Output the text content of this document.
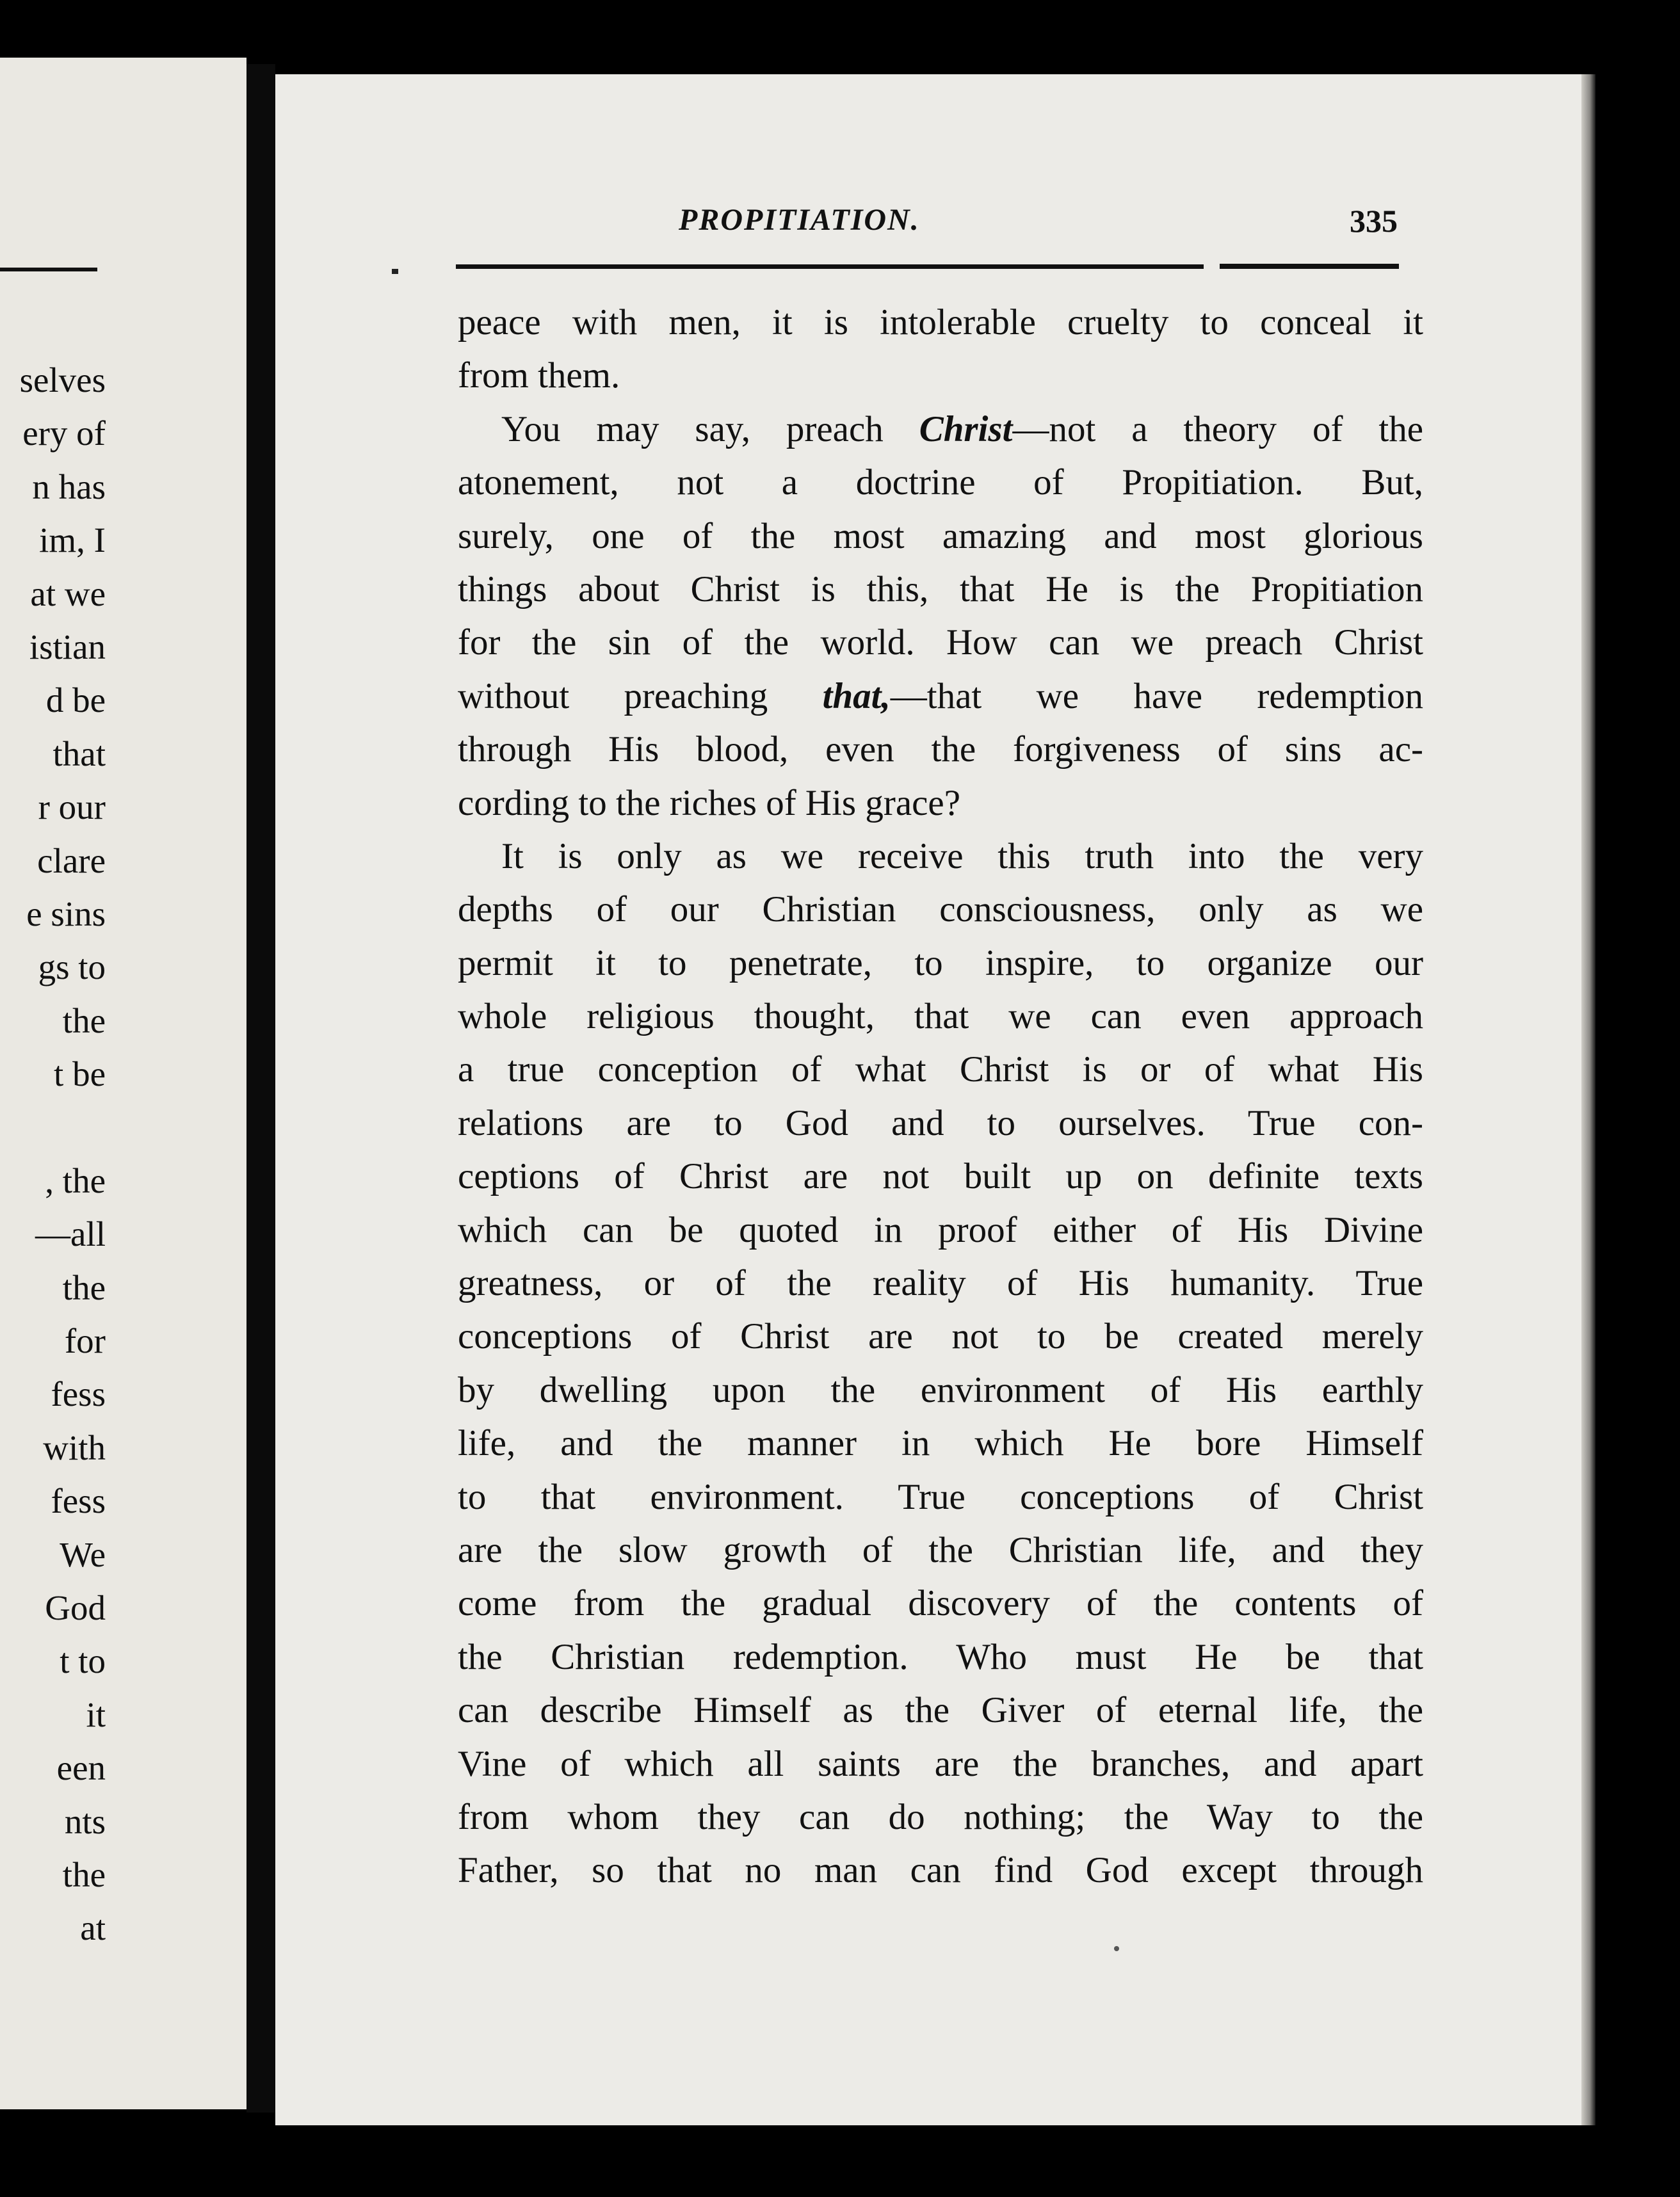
selves
ery of
n has
im, I
at we
istian
d be
that
r our
clare
e sins
gs to
the
t be
, the
—all
the
for
fess
with
fess
We
God
t to
it
een
nts
the
at
PROPITIATION.	335
peace with men, it is intolerable cruelty to conceal it
from them.
You may say, preach Christ—not a theory of the
atonement, not a doctrine of Propitiation. But,
surely, one of the most amazing and most glorious
things about Christ is this, that He is the Propitiation
for the sin of the world. How can we preach Christ
without preaching that,—that we have redemption
through His blood, even the forgiveness of sins ac-
cording to the riches of His grace?
It is only as we receive this truth into the very
depths of our Christian consciousness, only as we
permit it to penetrate, to inspire, to organize our
whole religious thought, that we can even approach
a true conception of what Christ is or of what His
relations are to God and to ourselves. True con-
ceptions of Christ are not built up on definite texts
which can be quoted in proof either of His Divine
greatness, or of the reality of His humanity. True
conceptions of Christ are not to be created merely
by dwelling upon the environment of His earthly
life, and the manner in which He bore Himself
to that environment. True conceptions of Christ
are the slow growth of the Christian life, and they
come from the gradual discovery of the contents of
the Christian redemption. Who must He be that
can describe Himself as the Giver of eternal life, the
Vine of which all saints are the branches, and apart
from whom they can do nothing; the Way to the
Father, so that no man can find God except through
